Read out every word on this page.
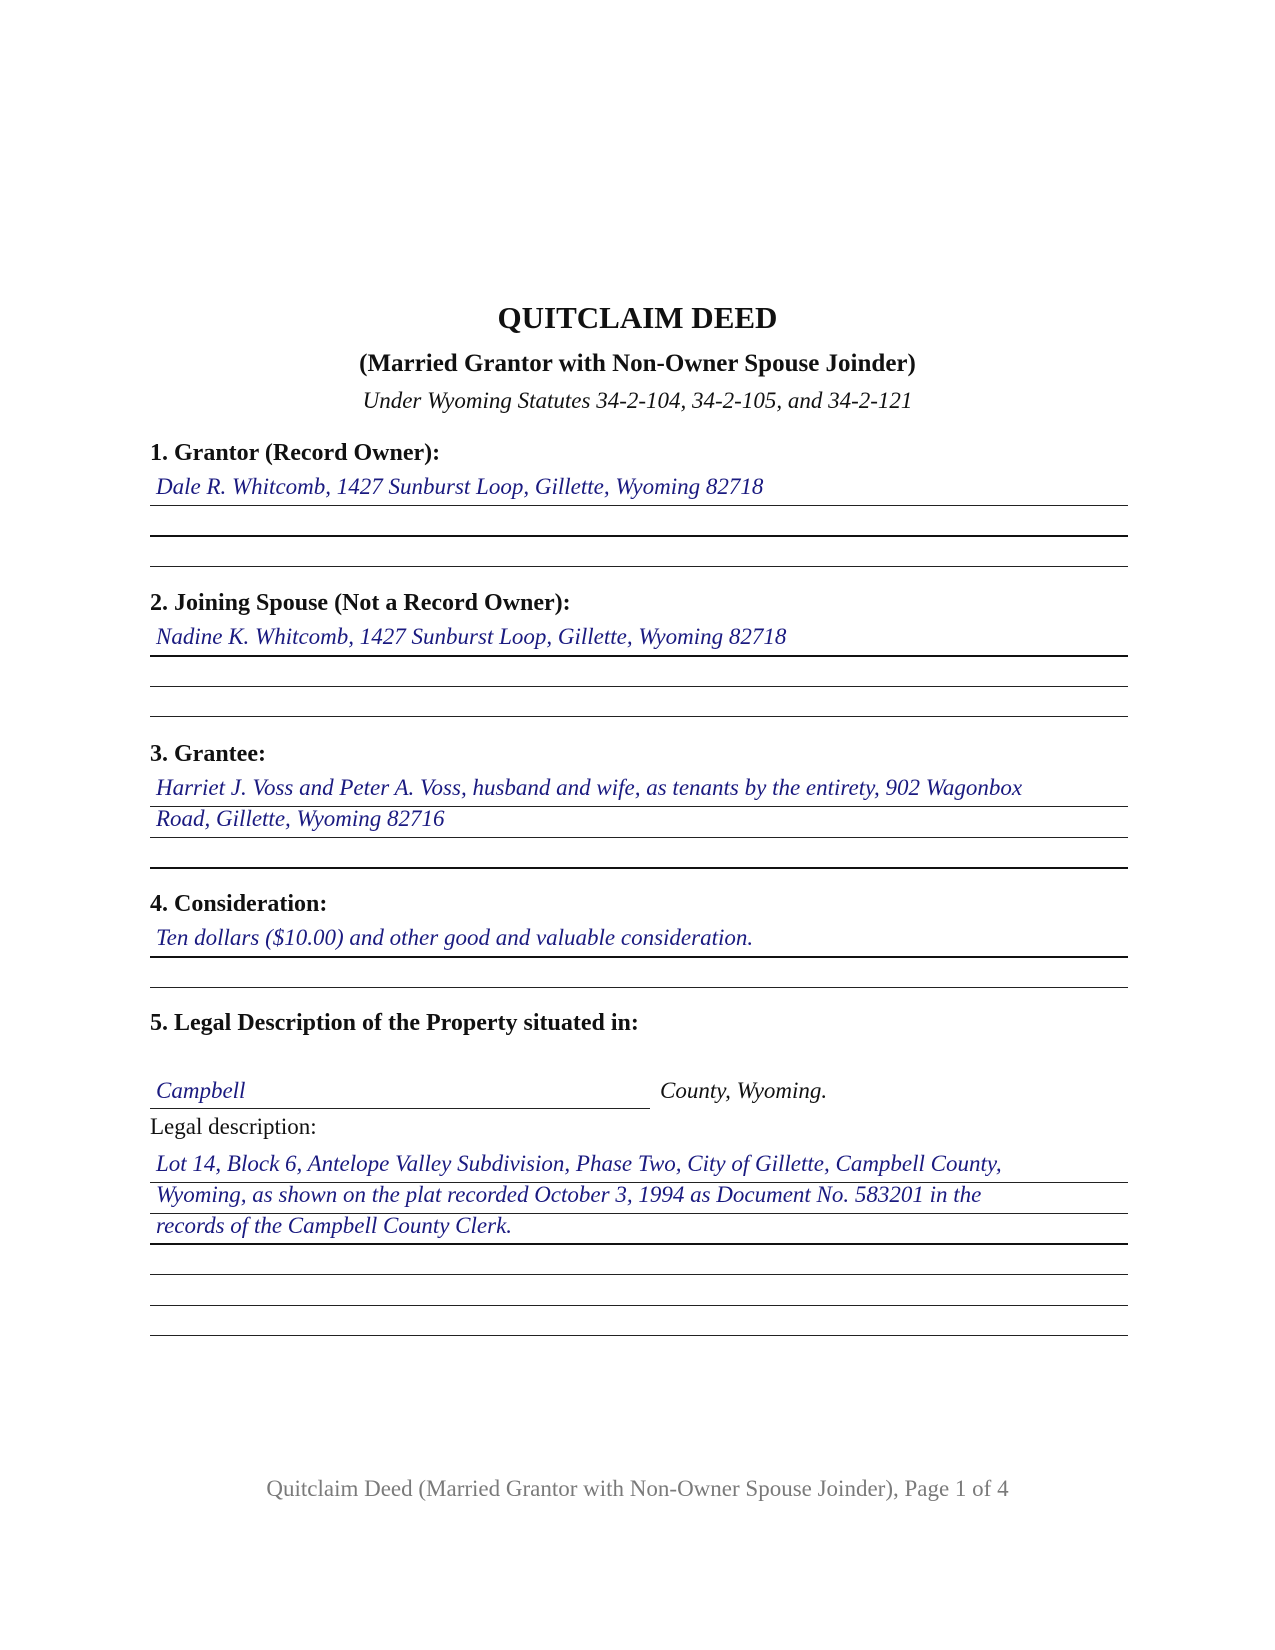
QUITCLAIM DEED
(Married Grantor with Non-Owner Spouse Joinder)
Under Wyoming Statutes 34-2-104, 34-2-105, and 34-2-121
1. Grantor (Record Owner):
Dale R. Whitcomb, 1427 Sunburst Loop, Gillette, Wyoming 82718
2. Joining Spouse (Not a Record Owner):
Nadine K. Whitcomb, 1427 Sunburst Loop, Gillette, Wyoming 82718
3. Grantee:
Harriet J. Voss and Peter A. Voss, husband and wife, as tenants by the entirety, 902 Wagonbox
Road, Gillette, Wyoming 82716
4. Consideration:
Ten dollars ($10.00) and other good and valuable consideration.
5. Legal Description of the Property situated in:
Campbell	County, Wyoming.
Legal description:
Lot 14, Block 6, Antelope Valley Subdivision, Phase Two, City of Gillette, Campbell County,
Wyoming, as shown on the plat recorded October 3, 1994 as Document No. 583201 in the
records of the Campbell County Clerk.
Quitclaim Deed (Married Grantor with Non-Owner Spouse Joinder), Page 1 of 4
